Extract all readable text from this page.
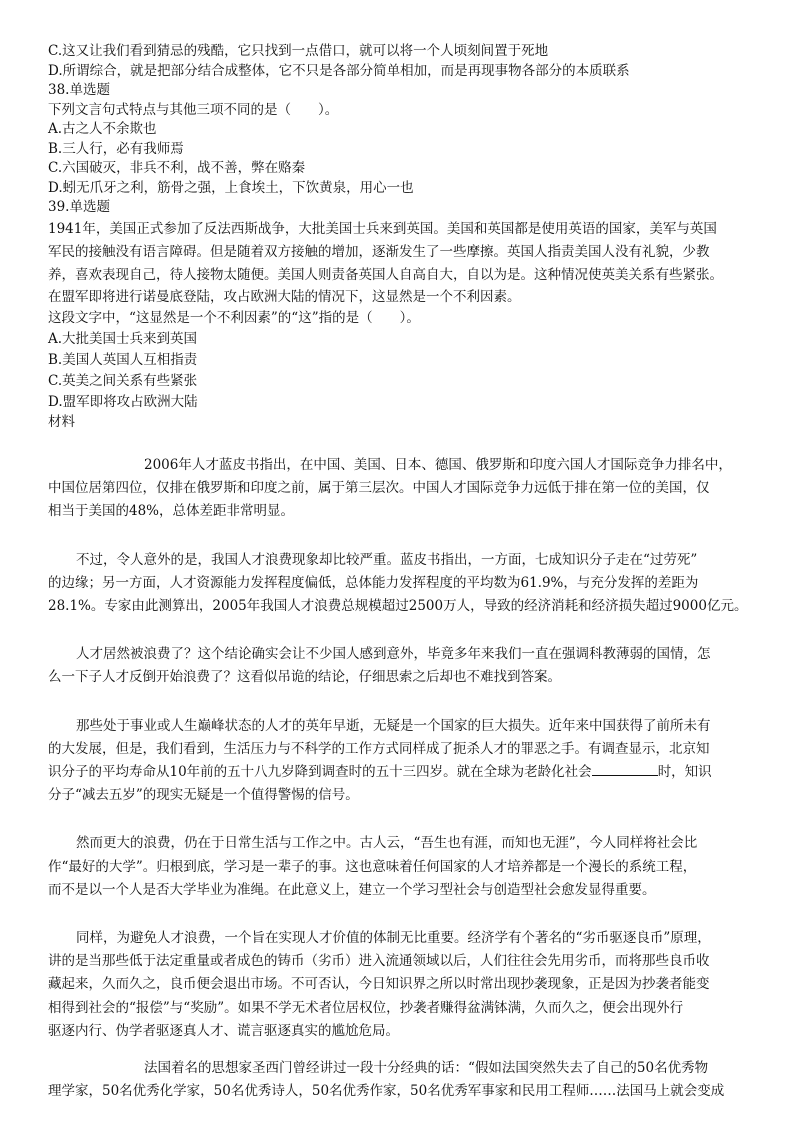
C.这又让我们看到猜忌的残酷，它只找到一点借口，就可以将一个人顷刻间置于死地
D.所谓综合，就是把部分结合成整体，它不只是各部分简单相加，而是再现事物各部分的本质联系
38.单选题
下列文言句式特点与其他三项不同的是（　　）。
A.古之人不余欺也
B.三人行，必有我师焉
C.六国破灭，非兵不利，战不善，弊在赂秦
D.蚓无爪牙之利，筋骨之强，上食埃土，下饮黄泉，用心一也
39.单选题
1941年，美国正式参加了反法西斯战争，大批美国士兵来到英国。美国和英国都是使用英语的国家，美军与英国
军民的接触没有语言障碍。但是随着双方接触的增加，逐渐发生了一些摩擦。英国人指责美国人没有礼貌，少教
养，喜欢表现自己，待人接物太随便。美国人则责备英国人自高自大，自以为是。这种情况使英美关系有些紧张。
在盟军即将进行诺曼底登陆，攻占欧洲大陆的情况下，这显然是一个不利因素。
这段文字中，“这显然是一个不利因素”的“这”指的是（　　）。
A.大批美国士兵来到英国
B.美国人英国人互相指责
C.英美之间关系有些紧张
D.盟军即将攻占欧洲大陆
材料

2006年人才蓝皮书指出，在中国、美国、日本、德国、俄罗斯和印度六国人才国际竞争力排名中，
中国位居第四位，仅排在俄罗斯和印度之前，属于第三层次。中国人才国际竞争力远低于排在第一位的美国，仅
相当于美国的48%，总体差距非常明显。

不过，令人意外的是，我国人才浪费现象却比较严重。蓝皮书指出，一方面，七成知识分子走在“过劳死”
的边缘；另一方面，人才资源能力发挥程度偏低，总体能力发挥程度的平均数为61.9%，与充分发挥的差距为
28.1%。专家由此测算出，2005年我国人才浪费总规模超过2500万人，导致的经济消耗和经济损失超过9000亿元。

人才居然被浪费了？这个结论确实会让不少国人感到意外，毕竟多年来我们一直在强调科教薄弱的国情，怎
么一下子人才反倒开始浪费了？这看似吊诡的结论，仔细思索之后却也不难找到答案。

那些处于事业或人生巅峰状态的人才的英年早逝，无疑是一个国家的巨大损失。近年来中国获得了前所未有
的大发展，但是，我们看到，生活压力与不科学的工作方式同样成了扼杀人才的罪恶之手。有调查显示，北京知
识分子的平均寿命从10年前的五十八九岁降到调查时的五十三四岁。就在全球为老龄化社会	时，知识
分子“减去五岁”的现实无疑是一个值得警惕的信号。

然而更大的浪费，仍在于日常生活与工作之中。古人云，“吾生也有涯，而知也无涯”，今人同样将社会比
作“最好的大学”。归根到底，学习是一辈子的事。这也意味着任何国家的人才培养都是一个漫长的系统工程，
而不是以一个人是否大学毕业为准绳。在此意义上，建立一个学习型社会与创造型社会愈发显得重要。

同样，为避免人才浪费，一个旨在实现人才价值的体制无比重要。经济学有个著名的“劣币驱逐良币”原理，
讲的是当那些低于法定重量或者成色的铸币（劣币）进入流通领域以后，人们往往会先用劣币，而将那些良币收
藏起来，久而久之，良币便会退出市场。不可否认，今日知识界之所以时常出现抄袭现象，正是因为抄袭者能变
相得到社会的“报偿”与“奖励”。如果不学无术者位居权位，抄袭者赚得盆满钵满，久而久之，便会出现外行
驱逐内行、伪学者驱逐真人才、谎言驱逐真实的尴尬危局。

法国着名的思想家圣西门曾经讲过一段十分经典的话：“假如法国突然失去了自己的50名优秀物
理学家，50名优秀化学家，50名优秀诗人，50名优秀作家，50名优秀军事家和民用工程师……法国马上就会变成
